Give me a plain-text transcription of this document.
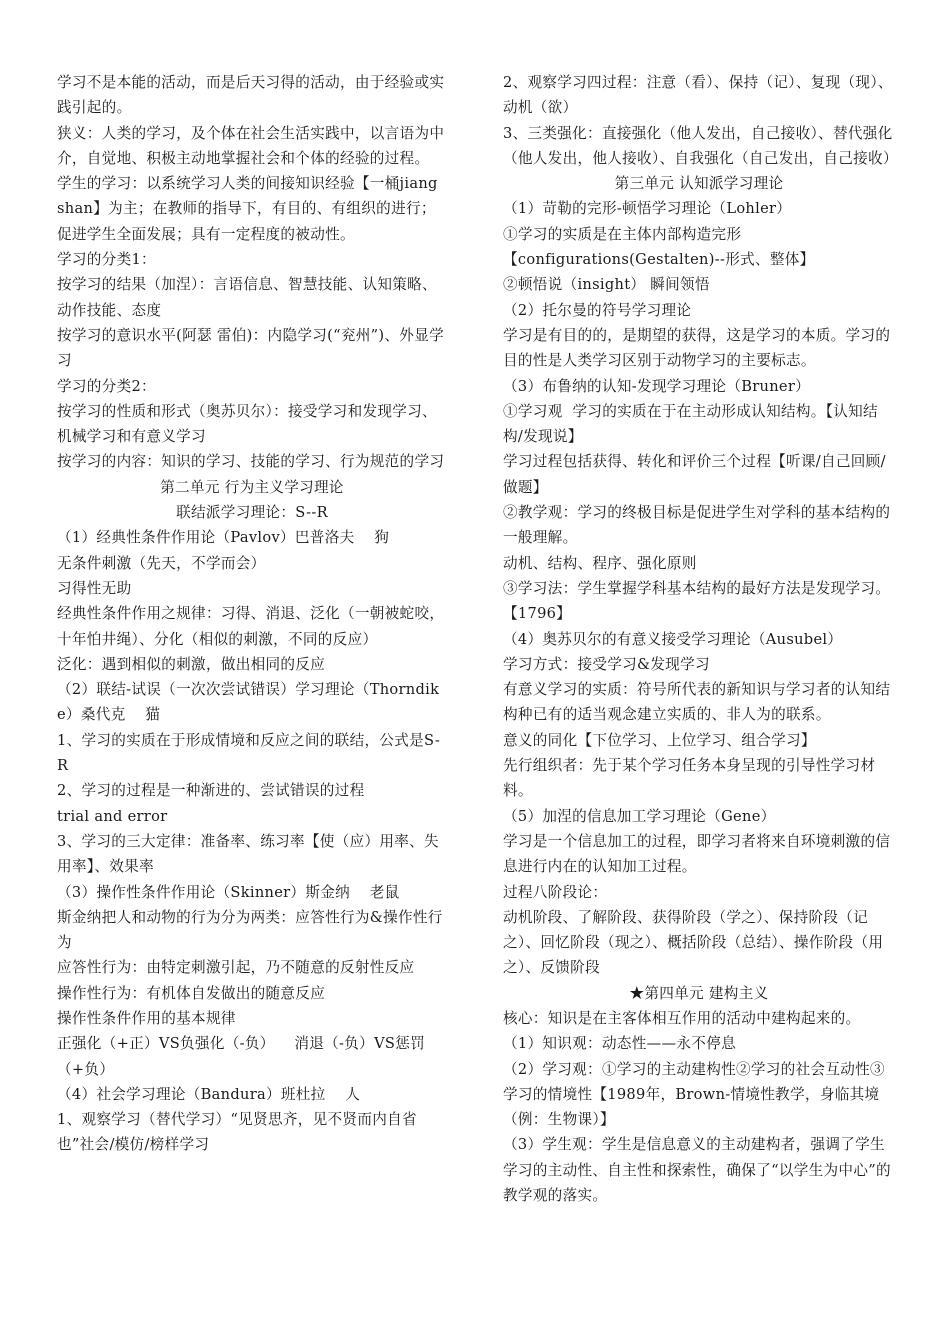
学习不是本能的活动，而是后天习得的活动，由于经验或实践引起的。
狭义：人类的学习，及个体在社会生活实践中，以言语为中介，自觉地、积极主动地掌握社会和个体的经验的过程。
学生的学习：以系统学习人类的间接知识经验【一桶jiang shan】为主；在教师的指导下，有目的、有组织的进行；促进学生全面发展；具有一定程度的被动性。
学习的分类1：
按学习的结果（加涅）：言语信息、智慧技能、认知策略、动作技能、态度
按学习的意识水平(阿瑟 雷伯)：内隐学习(“兖州”)、外显学习
学习的分类2：
按学习的性质和形式（奥苏贝尔）：接受学习和发现学习、机械学习和有意义学习
按学习的内容：知识的学习、技能的学习、行为规范的学习
第二单元 行为主义学习理论
联结派学习理论：S--R
（1）经典性条件作用论（Pavlov）巴普洛夫    狗
无条件刺激（先天，不学而会）
习得性无助
经典性条件作用之规律：习得、消退、泛化（一朝被蛇咬，                十年怕井绳）、分化（相似的刺激，不同的反应）
泛化：遇到相似的刺激，做出相同的反应
（2）联结-试误（一次次尝试错误）学习理论（Thorndike）桑代克    猫
1、学习的实质在于形成情境和反应之间的联结，公式是S-R
2、学习的过程是一种渐进的、尝试错误的过程
trial and error
3、学习的三大定律：准备率、练习率【使（应）用率、失用率】、效果率
（3）操作性条件作用论（Skinner）斯金纳    老鼠
斯金纳把人和动物的行为分为两类：应答性行为&操作性行为
应答性行为：由特定刺激引起，乃不随意的反射性反应
操作性行为：有机体自发做出的随意反应
操作性条件作用的基本规律
正强化（+正）VS负强化（-负）    消退（-负）VS惩罚（+负）
（4）社会学习理论（Bandura）班杜拉    人
1、观察学习（替代学习）“见贤思齐，见不贤而内自省也”社会/模仿/榜样学习
2、观察学习四过程：注意（看）、保持（记）、复现（现）、动机（欲）
3、三类强化：直接强化（他人发出，自己接收）、替代强化（他人发出，他人接收）、自我强化（自己发出，自己接收）
第三单元 认知派学习理论
（1）苛勒的完形-顿悟学习理论（Lohler）
①学习的实质是在主体内部构造完形
【configurations(Gestalten)--形式、整体】
②顿悟说（insight） 瞬间领悟
（2）托尔曼的符号学习理论
学习是有目的的，是期望的获得，这是学习的本质。学习的目的性是人类学习区别于动物学习的主要标志。
（3）布鲁纳的认知-发现学习理论（Bruner）
①学习观  学习的实质在于在主动形成认知结构。【认知结构/发现说】
学习过程包括获得、转化和评价三个过程【听课/自己回顾/做题】
②教学观：学习的终极目标是促进学生对学科的基本结构的一般理解。
动机、结构、程序、强化原则
③学习法：学生掌握学科基本结构的最好方法是发现学习。【1796】
（4）奥苏贝尔的有意义接受学习理论（Ausubel）
学习方式：接受学习&发现学习
有意义学习的实质：符号所代表的新知识与学习者的认知结构种已有的适当观念建立实质的、非人为的联系。
意义的同化【下位学习、上位学习、组合学习】
先行组织者：先于某个学习任务本身呈现的引导性学习材料。
（5）加涅的信息加工学习理论（Gene）
学习是一个信息加工的过程，即学习者将来自环境刺激的信息进行内在的认知加工过程。
过程八阶段论：
动机阶段、了解阶段、获得阶段（学之）、保持阶段（记之）、回忆阶段（现之）、概括阶段（总结）、操作阶段（用之）、反馈阶段
★第四单元 建构主义
核心：知识是在主客体相互作用的活动中建构起来的。
（1）知识观：动态性——永不停息
（2）学习观：①学习的主动建构性②学习的社会互动性③学习的情境性【1989年，Brown-情境性教学，身临其境（例：生物课）】
（3）学生观：学生是信息意义的主动建构者，强调了学生学习的主动性、自主性和探索性，确保了“以学生为中心”的教学观的落实。
